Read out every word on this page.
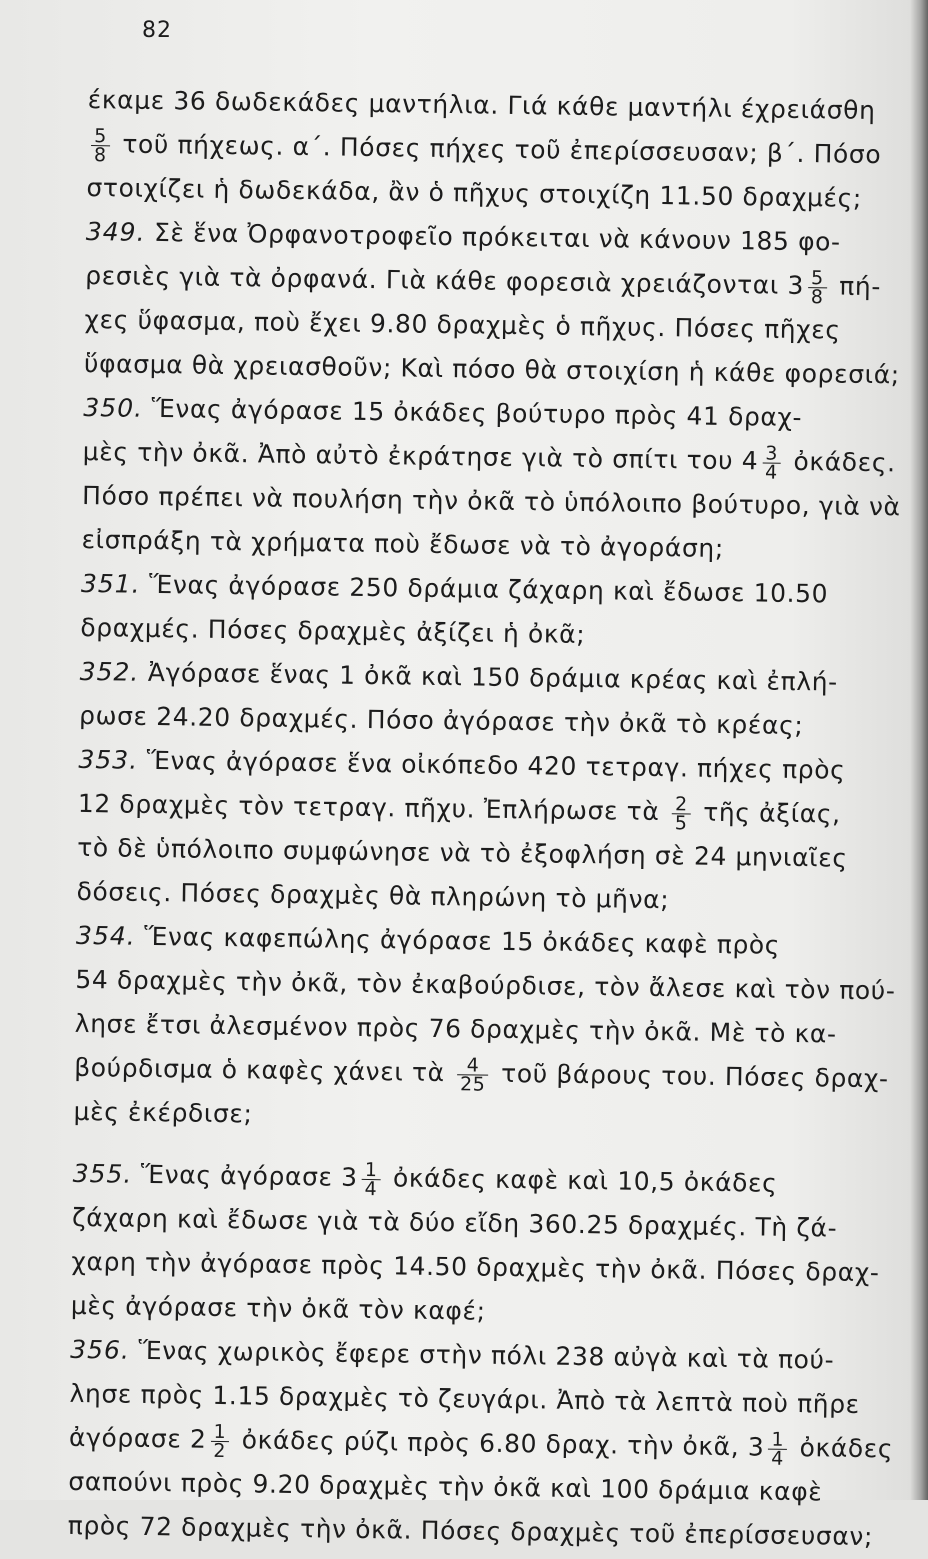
82
έκαμε 36 δωδεκάδες μαντήλια. Γιά κάθε μαντήλι έχρειάσθη
$\frac{5}{8}$ τοῦ πήχεως. α΄. Πόσες πήχες τοῦ ἐπερίσσευσαν; β΄. Πόσο
στοιχίζει ἡ δωδεκάδα, ἂν ὁ πῆχυς στοιχίζη 11.50 δραχμές;
349. Σὲ ἕνα Ὀρφανοτροφεῖο πρόκειται νὰ κάνουν 185 φο-
ρεσιὲς γιὰ τὰ ὀρφανά. Γιὰ κάθε φορεσιὰ χρειάζονται $3 \frac{5}{8} \pi ή-$
χες ὕφασμα, ποὺ ἔχει 9.80 δραχμὲς ὁ πῆχυς. Πόσες πῆχες
ὕφασμα θὰ χρειασθοῦν; Καὶ πόσο θὰ στοιχίση ἡ κάθε φορεσιά;
350. Ἕνας ἀγόρασε 15 ὀκάδες βούτυρο πρὸς 41 δραχ-
μὲς τὴν ὀκᾶ. Ἀπὸ αὐτὸ ἐκράτησε γιὰ τὸ σπίτι του $4 \frac{3}{4}$ ὀκάδες.
Πόσο πρέπει νὰ πουλήση τὴν ὀκᾶ τὸ ὑπόλοιπο βούτυρο, γιὰ νὰ
εἰσπράξη τὰ χρήματα ποὺ ἔδωσε νὰ τὸ ἀγοράση;
351. Ἕνας ἀγόρασε 250 δράμια ζάχαρη καὶ ἔδωσε 10.50
δραχμές. Πόσες δραχμὲς ἀξίζει ἡ ὀκᾶ;
352. Ἀγόρασε ἕνας 1 ὀκᾶ καὶ 150 δράμια κρέας καὶ ἐπλή-
ρωσε 24.20 δραχμές. Πόσο ἀγόρασε τὴν ὀκᾶ τὸ κρέας;
353. Ἕνας ἀγόρασε ἕνα οἰκόπεδο 420 τετραγ. πήχες πρὸς
12 δραχμὲς τὸν τετραγ. πῆχυ. Ἐπλήρωσε τὰ $\frac{2}{5}$ τῆς ἀξίας,
τὸ δὲ ὑπόλοιπο συμφώνησε νὰ τὸ ἐξοφλήση σὲ 24 μηνιαῖες
δόσεις. Πόσες δραχμὲς θὰ πληρώνη τὸ μῆνα;
354. Ἕνας καφεπώλης ἀγόρασε 15 ὀκάδες καφὲ πρὸς
54 δραχμὲς τὴν ὀκᾶ, τὸν ἐκαβούρδισε, τὸν ἄλεσε καὶ τὸν πού-
λησε ἔτσι ἀλεσμένον πρὸς 76 δραχμὲς τὴν ὀκᾶ. Μὲ τὸ κα-
βούρδισμα ὁ καφὲς χάνει τὰ $\frac{4}{25}$ τοῦ βάρους του. Πόσες δραχ-
μὲς ἐκέρδισε;
355. Ἕνας ἀγόρασε $3 \frac{1}{4}$ ὀκάδες καφὲ καὶ 10,5 ὀκάδες
ζάχαρη καὶ ἔδωσε γιὰ τὰ δύο εἴδη 360.25 δραχμές. Τὴ ζά-
χαρη τὴν ἀγόρασε πρὸς 14.50 δραχμὲς τὴν ὀκᾶ. Πόσες δραχ-
μὲς ἀγόρασε τὴν ὀκᾶ τὸν καφέ;
356. Ἕνας χωρικὸς ἔφερε στὴν πόλι 238 αὐγὰ καὶ τὰ πού-
λησε πρὸς 1.15 δραχμὲς τὸ ζευγάρι. Ἀπὸ τὰ λεπτὰ ποὺ πῆρε
ἀγόρασε $2 \frac{1}{2}$ ὀκάδες ρύζι πρὸς 6.80 δραχ. τὴν ὀκᾶ, $3 \frac{1}{4}$ ὀκάδες
σαπούνι πρὸς 9.20 δραχμὲς τὴν ὀκᾶ καὶ 100 δράμια καφὲ
πρὸς 72 δραχμὲς τὴν ὀκᾶ. Πόσες δραχμὲς τοῦ ἐπερίσσευσαν;
